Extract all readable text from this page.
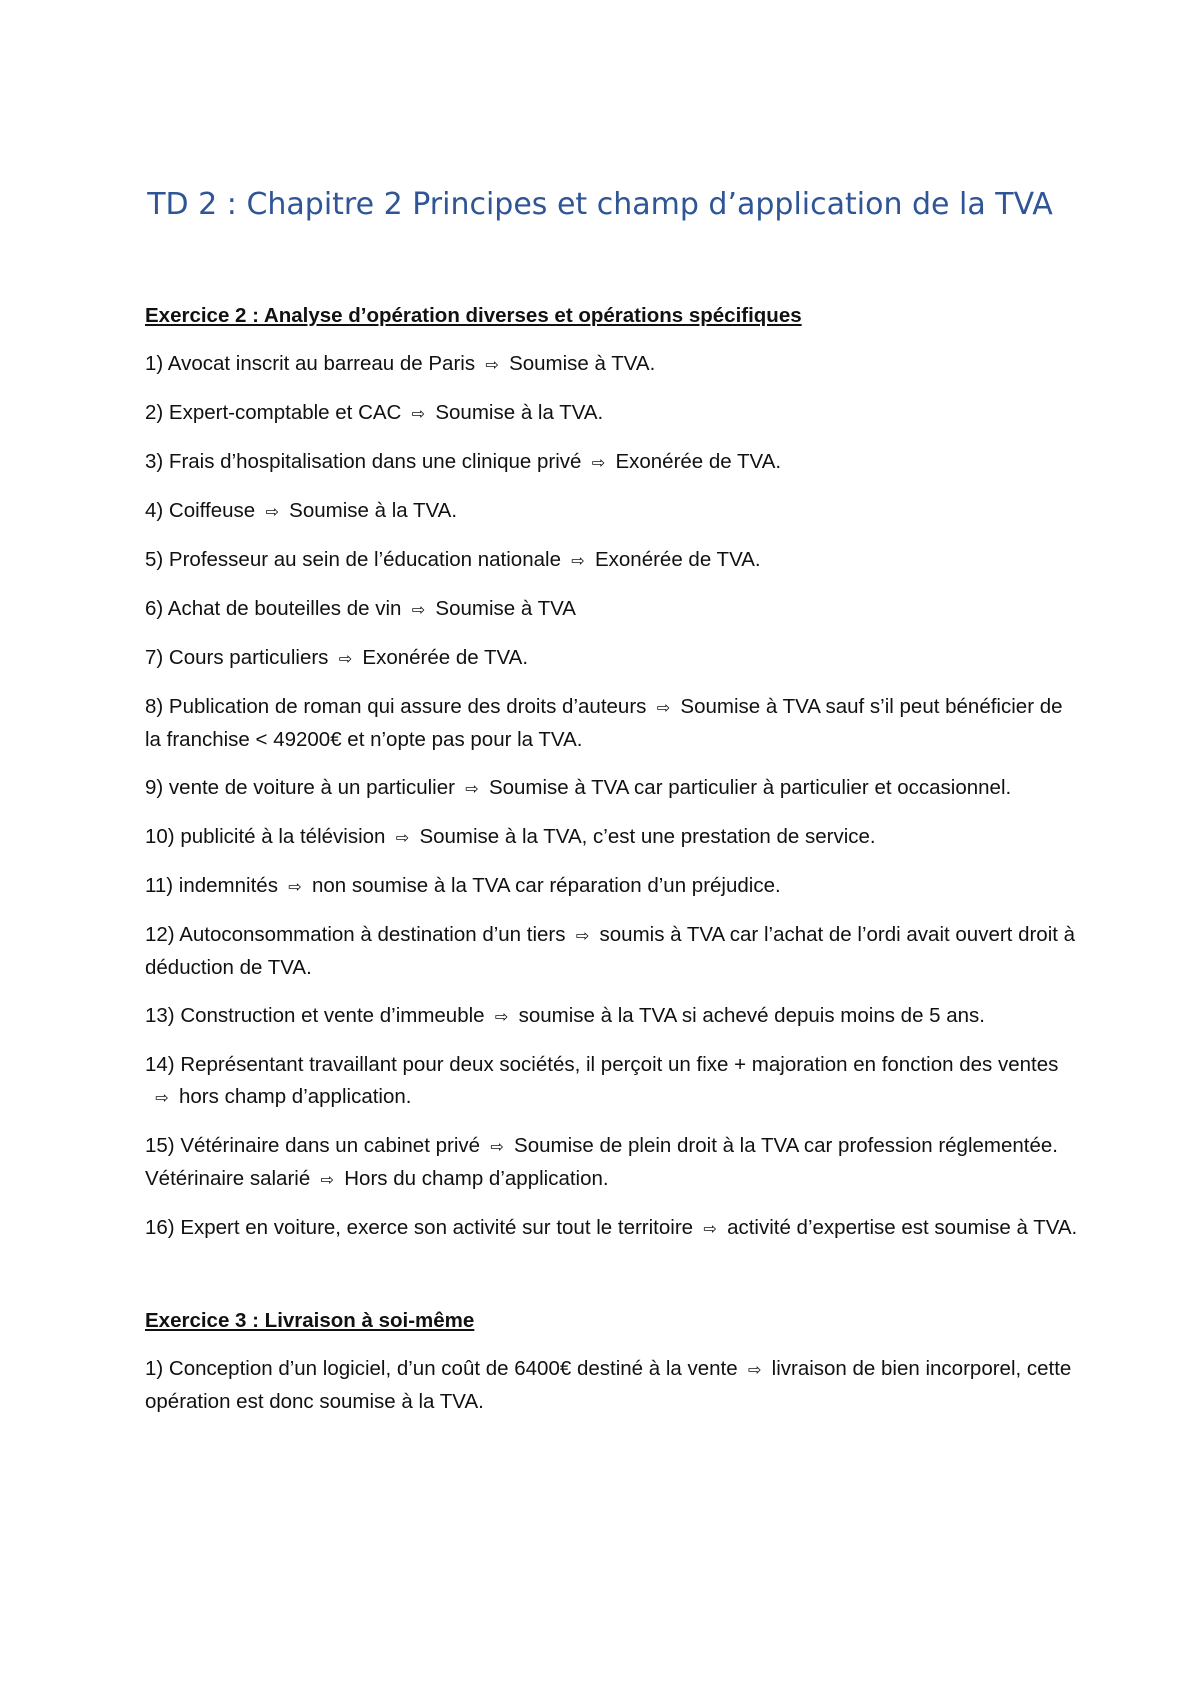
TD 2 : Chapitre 2 Principes et champ d’application de la TVA
Exercice 2 : Analyse d’opération diverses et opérations spécifiques
1) Avocat inscrit au barreau de Paris ⇨ Soumise à TVA.
2) Expert-comptable et CAC ⇨ Soumise à la TVA.
3) Frais d’hospitalisation dans une clinique privé ⇨ Exonérée de TVA.
4) Coiffeuse ⇨ Soumise à la TVA.
5) Professeur au sein de l’éducation nationale ⇨ Exonérée de TVA.
6) Achat de bouteilles de vin ⇨ Soumise à TVA
7) Cours particuliers ⇨ Exonérée de TVA.
8) Publication de roman qui assure des droits d’auteurs ⇨ Soumise à TVA sauf s’il peut bénéficier de la franchise < 49200€ et n’opte pas pour la TVA.
9) vente de voiture à un particulier ⇨ Soumise à TVA car particulier à particulier et occasionnel.
10) publicité à la télévision ⇨ Soumise à la TVA, c’est une prestation de service.
11) indemnités ⇨ non soumise à la TVA car réparation d’un préjudice.
12) Autoconsommation à destination d’un tiers ⇨ soumis à TVA car l’achat de l’ordi avait ouvert droit à déduction de TVA.
13) Construction et vente d’immeuble ⇨ soumise à la TVA si achevé depuis moins de 5 ans.
14) Représentant travaillant pour deux sociétés, il perçoit un fixe + majoration en fonction des ventes⇨ hors champ d’application.
15) Vétérinaire dans un cabinet privé ⇨ Soumise de plein droit à la TVA car profession réglementée.
Vétérinaire salarié ⇨ Hors du champ d’application.
16) Expert en voiture, exerce son activité sur tout le territoire ⇨ activité d’expertise est soumise à TVA.
Exercice 3 : Livraison à soi-même
1) Conception d’un logiciel, d’un coût de 6400€ destiné à la vente ⇨ livraison de bien incorporel, cette opération est donc soumise à la TVA.
